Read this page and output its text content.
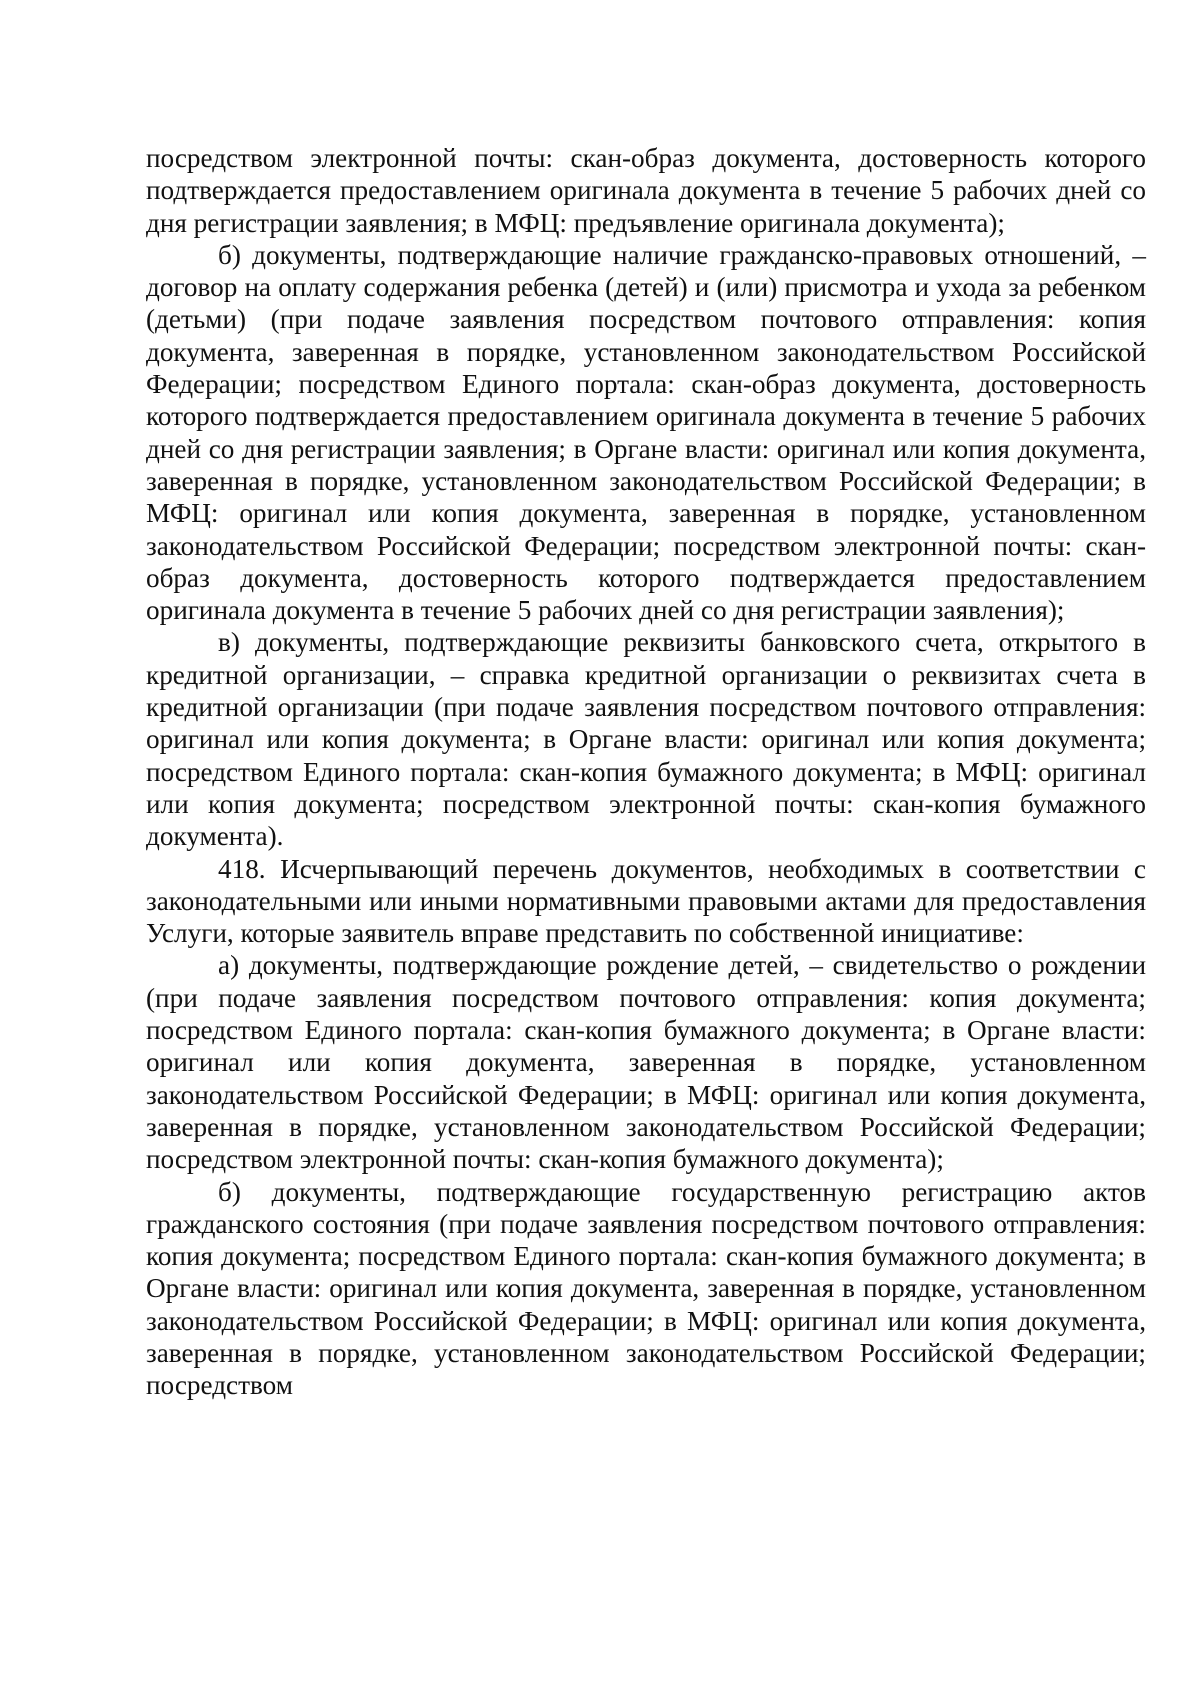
посредством электронной почты: скан-образ документа, достоверность которого подтверждается предоставлением оригинала документа в течение 5 рабочих дней со дня регистрации заявления; в МФЦ: предъявление оригинала документа);

б) документы, подтверждающие наличие гражданско-правовых отношений, – договор на оплату содержания ребенка (детей) и (или) присмотра и ухода за ребенком (детьми) (при подаче заявления посредством почтового отправления: копия документа, заверенная в порядке, установленном законодательством Российской Федерации; посредством Единого портала: скан-образ документа, достоверность которого подтверждается предоставлением оригинала документа в течение 5 рабочих дней со дня регистрации заявления; в Органе власти: оригинал или копия документа, заверенная в порядке, установленном законодательством Российской Федерации; в МФЦ: оригинал или копия документа, заверенная в порядке, установленном законодательством Российской Федерации; посредством электронной почты: скан-образ документа, достоверность которого подтверждается предоставлением оригинала документа в течение 5 рабочих дней со дня регистрации заявления);

в) документы, подтверждающие реквизиты банковского счета, открытого в кредитной организации, – справка кредитной организации о реквизитах счета в кредитной организации (при подаче заявления посредством почтового отправления: оригинал или копия документа; в Органе власти: оригинал или копия документа; посредством Единого портала: скан-копия бумажного документа; в МФЦ: оригинал или копия документа; посредством электронной почты: скан-копия бумажного документа).

418. Исчерпывающий перечень документов, необходимых в соответствии с законодательными или иными нормативными правовыми актами для предоставления Услуги, которые заявитель вправе представить по собственной инициативе:

а) документы, подтверждающие рождение детей, – свидетельство о рождении (при подаче заявления посредством почтового отправления: копия документа; посредством Единого портала: скан-копия бумажного документа; в Органе власти: оригинал или копия документа, заверенная в порядке, установленном законодательством Российской Федерации; в МФЦ: оригинал или копия документа, заверенная в порядке, установленном законодательством Российской Федерации; посредством электронной почты: скан-копия бумажного документа);

б) документы, подтверждающие государственную регистрацию актов гражданского состояния (при подаче заявления посредством почтового отправления: копия документа; посредством Единого портала: скан-копия бумажного документа; в Органе власти: оригинал или копия документа, заверенная в порядке, установленном законодательством Российской Федерации; в МФЦ: оригинал или копия документа, заверенная в порядке, установленном законодательством Российской Федерации; посредством
